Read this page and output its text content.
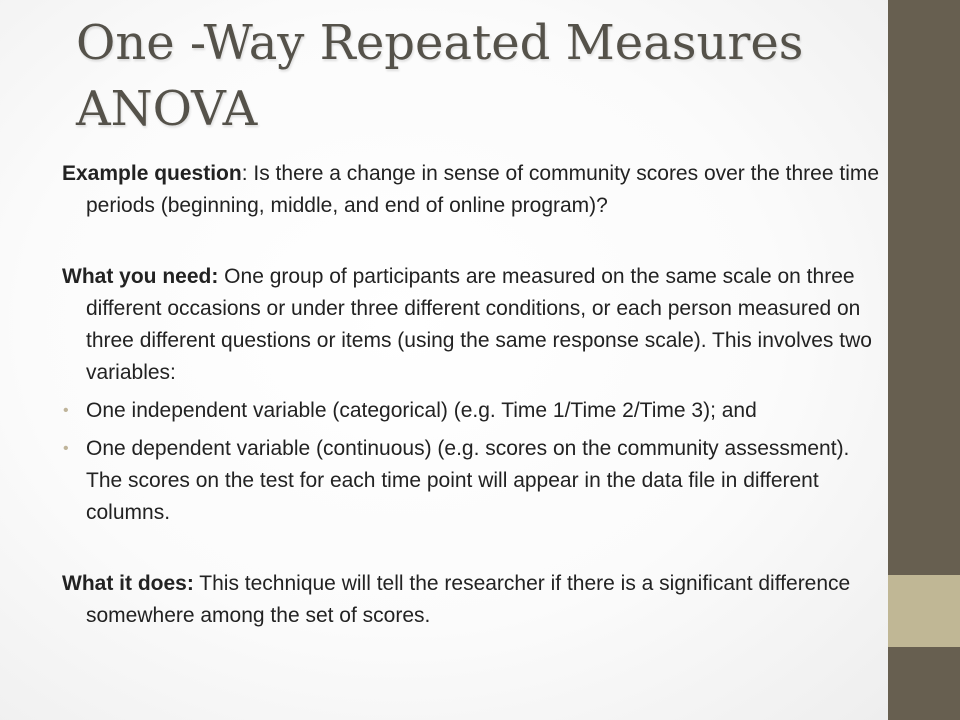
One -Way Repeated Measures
ANOVA

Example question: Is there a change in sense of community scores over the three time periods (beginning, middle, and end of online program)?

What you need: One group of participants are measured on the same scale on three different occasions or under three different conditions, or each person measured on three different questions or items (using the same response scale). This involves two variables:

• One independent variable (categorical) (e.g. Time 1/Time 2/Time 3); and
• One dependent variable (continuous) (e.g. scores on the community assessment). The scores on the test for each time point will appear in the data file in different columns.

What it does: This technique will tell the researcher if there is a significant difference somewhere among the set of scores.
